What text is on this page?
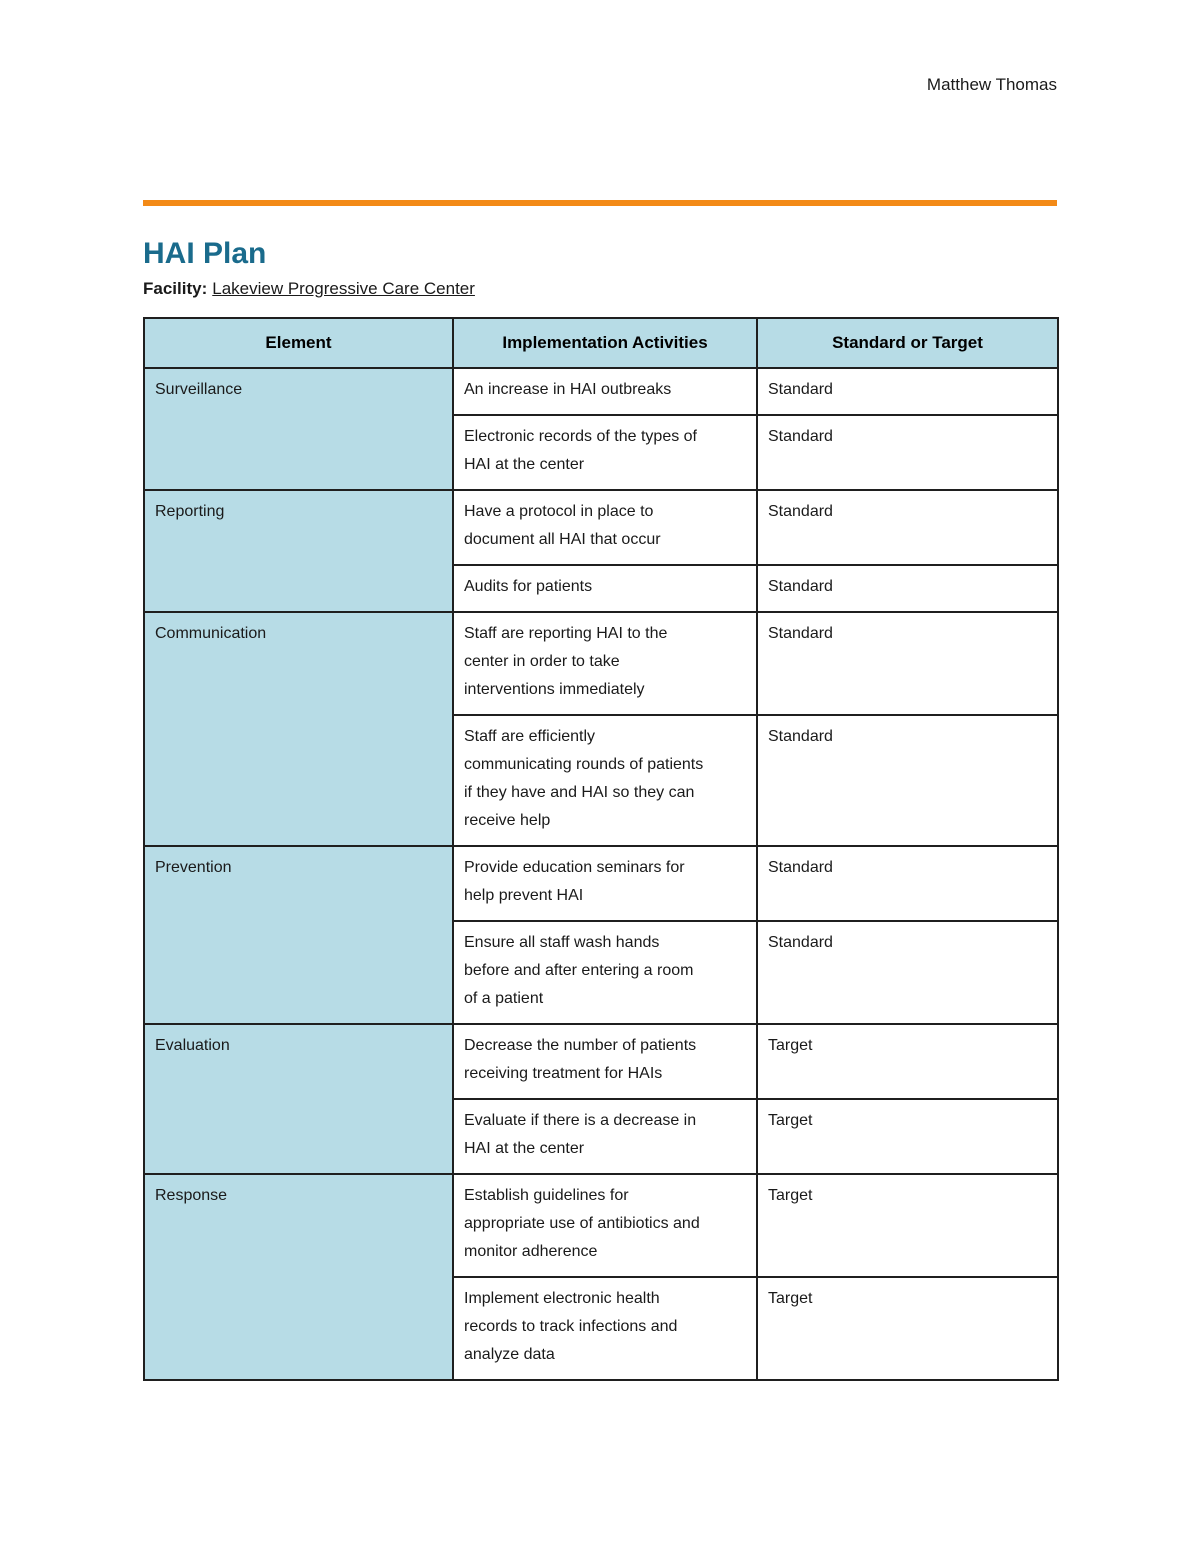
Matthew Thomas
HAI Plan

Facility: Lakeview Progressive Care Center

Element	Implementation Activities	Standard or Target
Surveillance	An increase in HAI outbreaks	Standard

	Electronic records of the types of HAI at the center	Standard
Reporting	Have a protocol in place to document all HAI that occur	Standard

	Audits for patients	Standard
Communication	Staff are reporting HAI to the center in order to take interventions immediately	Standard

	Staff are efficiently communicating rounds of patients if they have and HAI so they can receive help	Standard
Prevention	Provide education seminars for help prevent HAI	Standard

	Ensure all staff wash hands before and after entering a room of a patient	Standard
Evaluation	Decrease the number of patients receiving treatment for HAIs	Target

	Evaluate if there is a decrease in HAI at the center	Target
Response	Establish guidelines for appropriate use of antibiotics and monitor adherence	Target

	Implement electronic health records to track infections and analyze data	Target
